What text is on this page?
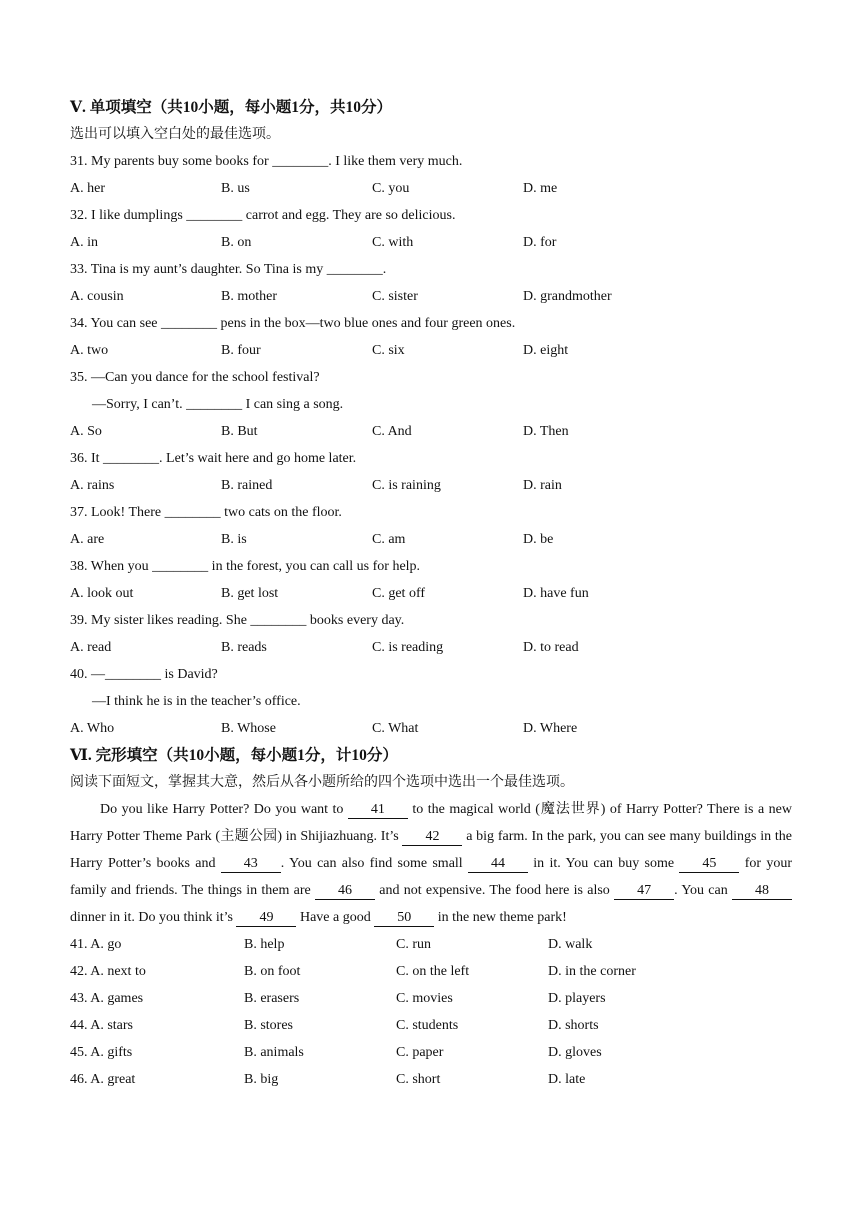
Ⅴ. 单项填空（共10小题，每小题1分，共10分）
选出可以填入空白处的最佳选项。
31. My parents buy some books for ________. I like them very much.
A. her	B. us	C. you	D. me
32. I like dumplings ________ carrot and egg. They are so delicious.
A. in	B. on	C. with	D. for
33. Tina is my aunt’s daughter. So Tina is my ________.
A. cousin	B. mother	C. sister	D. grandmother
34. You can see ________ pens in the box—two blue ones and four green ones.
A. two	B. four	C. six	D. eight
35. —Can you dance for the school festival?
—Sorry, I can’t. ________ I can sing a song.
A. So	B. But	C. And	D. Then
36. It ________. Let’s wait here and go home later.
A. rains	B. rained	C. is raining	D. rain
37. Look! There ________ two cats on the floor.
A. are	B. is	C. am	D. be
38. When you ________ in the forest, you can call us for help.
A. look out	B. get lost	C. get off	D. have fun
39. My sister likes reading. She ________ books every day.
A. read	B. reads	C. is reading	D. to read
40. —________ is David?
—I think he is in the teacher’s office.
A. Who	B. Whose	C. What	D. Where
Ⅵ. 完形填空（共10小题，每小题1分，计10分）
阅读下面短文，掌握其大意，然后从各小题所给的四个选项中选出一个最佳选项。
Do you like Harry Potter? Do you want to 41 to the magical world (魔法世界) of Harry Potter? There is a new Harry Potter Theme Park (主题公园) in Shijiazhuang. It’s 42 a big farm. In the park, you can see many buildings in the Harry Potter’s books and 43 . You can also find some small 44 in it. You can buy some 45 for your family and friends. The things in them are 46 and not expensive. The food here is also 47 . You can 48 dinner in it. Do you think it’s 49 Have a good 50 in the new theme park!
41. A. go	B. help	C. run	D. walk
42. A. next to	B. on foot	C. on the left	D. in the corner
43. A. games	B. erasers	C. movies	D. players
44. A. stars	B. stores	C. students	D. shorts
45. A. gifts	B. animals	C. paper	D. gloves
46. A. great	B. big	C. short	D. late
